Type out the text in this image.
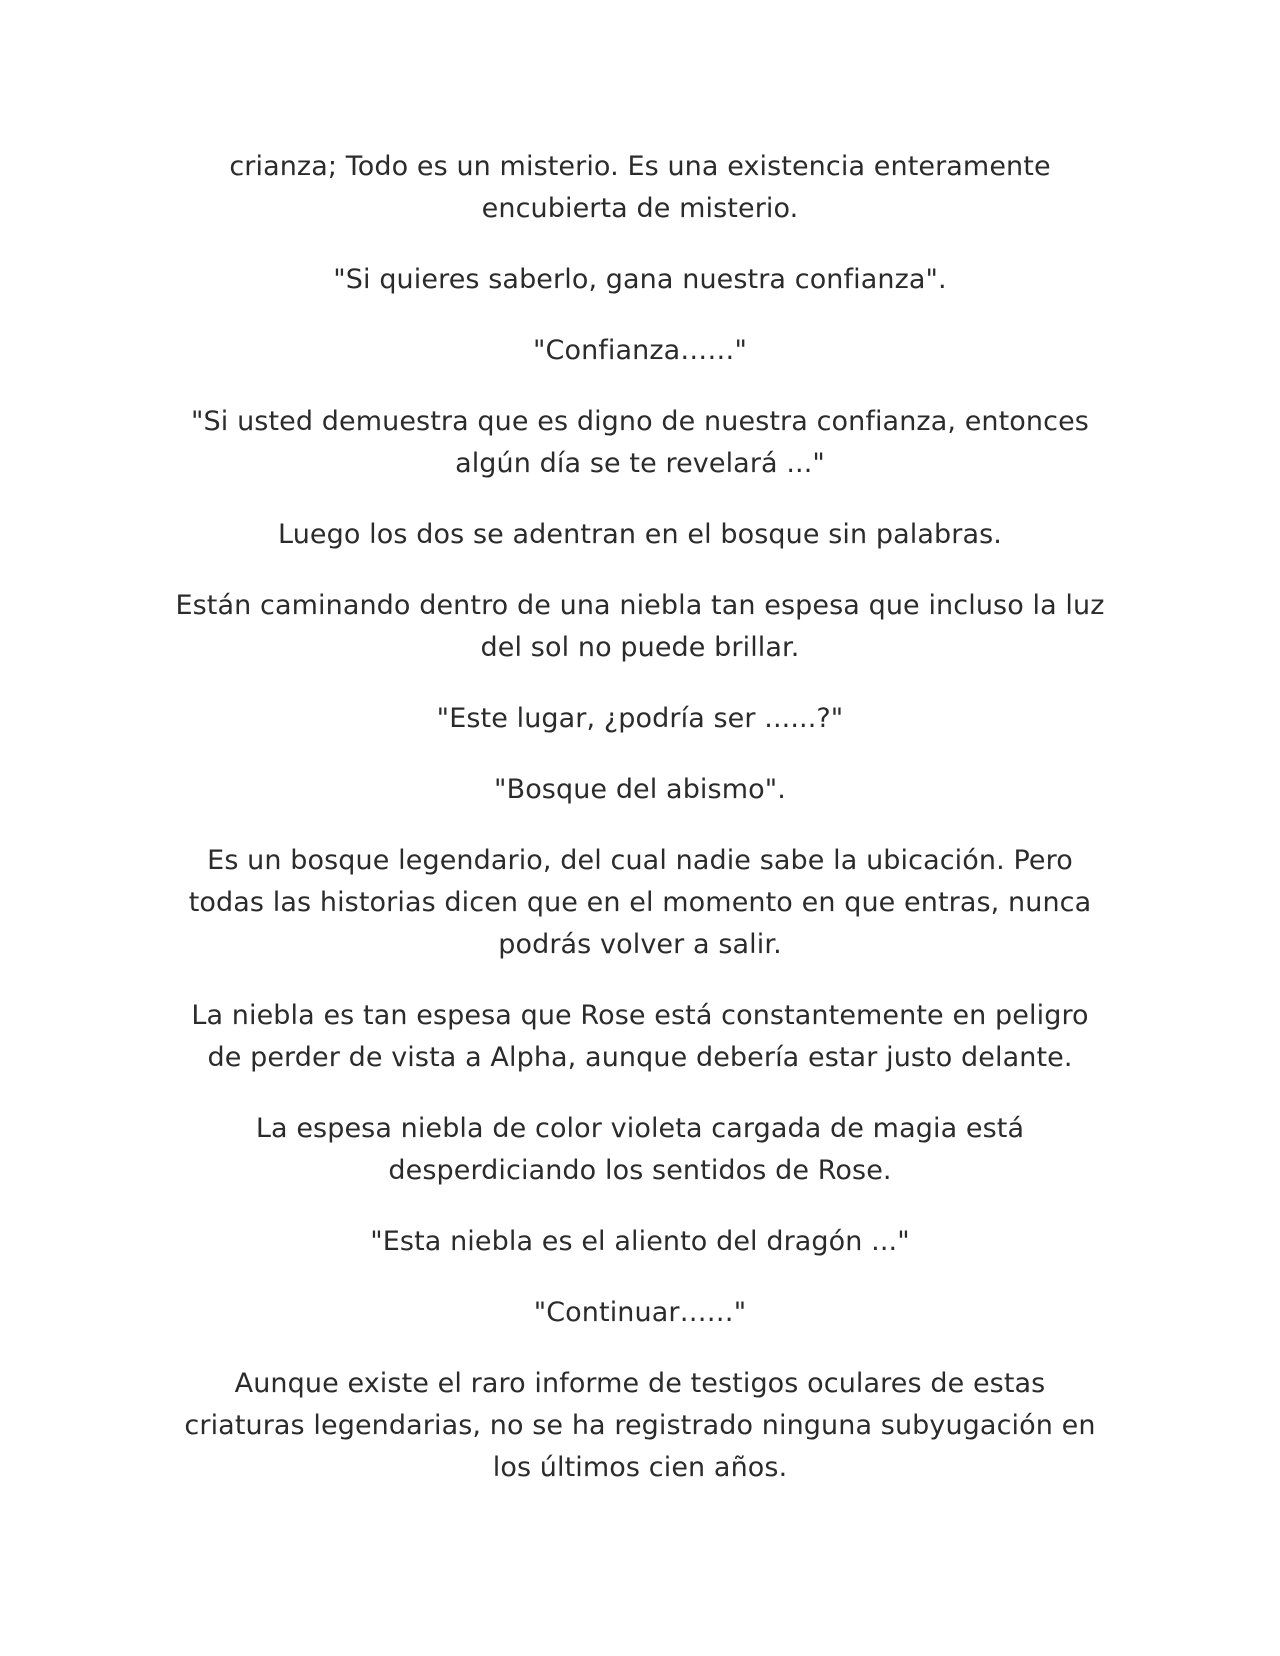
crianza; Todo es un misterio. Es una existencia enteramente encubierta de misterio.

"Si quieres saberlo, gana nuestra confianza".

"Confianza……"

"Si usted demuestra que es digno de nuestra confianza, entonces algún día se te revelará ..."

Luego los dos se adentran en el bosque sin palabras.

Están caminando dentro de una niebla tan espesa que incluso la luz del sol no puede brillar.

"Este lugar, ¿podría ser ......?"

"Bosque del abismo".

Es un bosque legendario, del cual nadie sabe la ubicación. Pero todas las historias dicen que en el momento en que entras, nunca podrás volver a salir.

La niebla es tan espesa que Rose está constantemente en peligro de perder de vista a Alpha, aunque debería estar justo delante.

La espesa niebla de color violeta cargada de magia está desperdiciando los sentidos de Rose.

"Esta niebla es el aliento del dragón ..."

"Continuar……"

Aunque existe el raro informe de testigos oculares de estas criaturas legendarias, no se ha registrado ninguna subyugación en los últimos cien años.
